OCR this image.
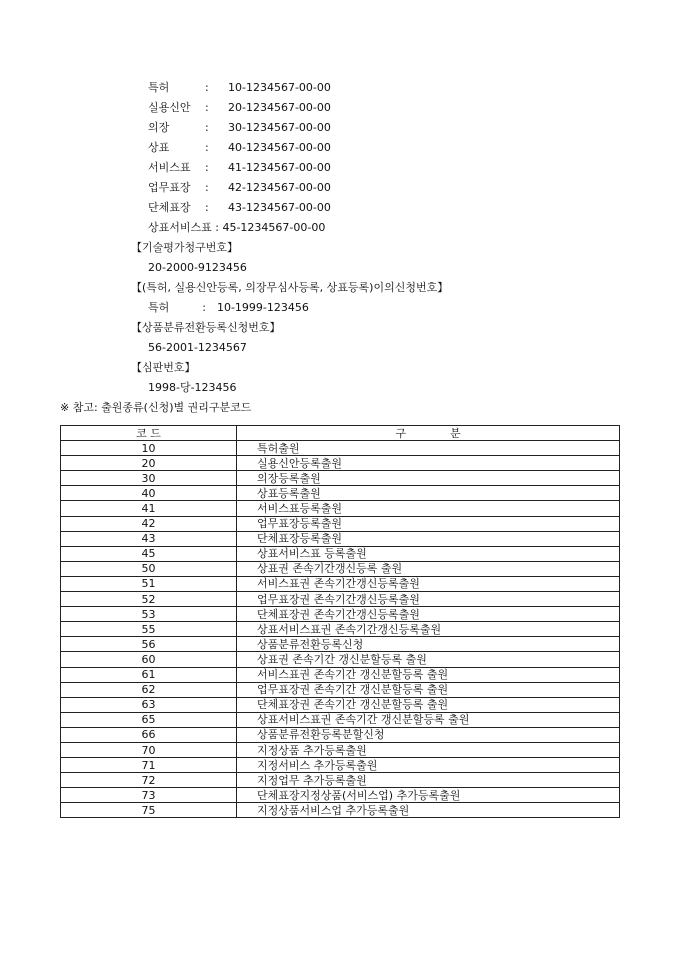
특허	: 10-1234567-00-00
실용신안 : 20-1234567-00-00
의장	: 30-1234567-00-00
상표	: 40-1234567-00-00
서비스표 : 41-1234567-00-00
업무표장 : 42-1234567-00-00
단체표장 : 43-1234567-00-00
상표서비스표 : 45-1234567-00-00
【기술평가청구번호】
20-2000-9123456
【(특허, 실용신안등록, 의장무심사등록, 상표등록)이의신청번호】
특허　　　:　10-1999-123456
【상품분류전환등록신청번호】
56-2001-1234567
【심판번호】
1998-당-123456
※ 참고: 출원종류(신청)별 권리구분코드
코 드	구　　　　분
10	특허출원
20	실용신안등록출원
30	의장등록출원
40	상표등록출원
41	서비스표등록출원
42	업무표장등록출원
43	단체표장등록출원
45	상표서비스표 등록출원
50	상표권 존속기간갱신등록 출원
51	서비스표권 존속기간갱신등록출원
52	업무표장권 존속기간갱신등록출원
53	단체표장권 존속기간갱신등록출원
55	상표서비스표권 존속기간갱신등록출원
56	상품분류전환등록신청
60	상표권 존속기간 갱신분할등록 출원
61	서비스표권 존속기간 갱신분할등록 출원
62	업무표장권 존속기간 갱신분할등록 출원
63	단체표장권 존속기간 갱신분할등록 출원
65	상표서비스표권 존속기간 갱신분할등록 출원
66	상품분류전환등록분할신청
70	지정상품 추가등록출원
71	지정서비스 추가등록출원
72	지정업무 추가등록출원
73	단체표장지정상품(서비스업) 추가등록출원
75	지정상품서비스업 추가등록출원
